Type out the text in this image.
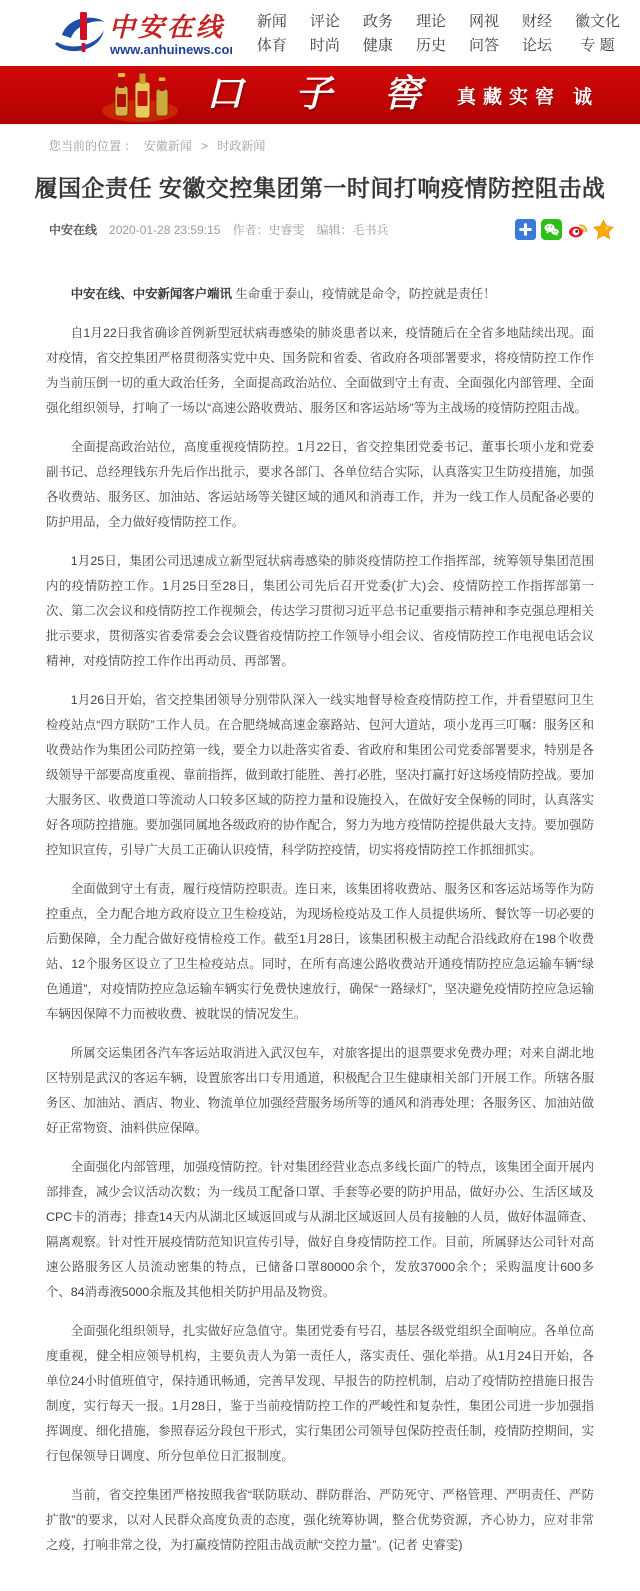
中安在线
www.anhuinews.com
新闻
体育
评论
时尚
政务
健康
理论
历史
网视
问答
财经
论坛
徽文化
专 题
口 子 窖 真藏实窖 诚
您当前的位置 ： 安徽新闻 > 时政新闻
履国企责任 安徽交控集团第一时间打响疫情防控阻击战
中安在线 2020-01-28 23:59:15 作者：史睿雯 编辑：毛书兵

中安在线、中安新闻客户端讯 生命重于泰山，疫情就是命令，防控就是责任！

自1月22日我省确诊首例新型冠状病毒感染的肺炎患者以来，疫情随后在全省多地陆续出现。面对疫情，省交控集团严格贯彻落实党中央、国务院和省委、省政府各项部署要求，将疫情防控工作作为当前压倒一切的重大政治任务，全面提高政治站位、全面做到守土有责、全面强化内部管理、全面强化组织领导，打响了一场以“高速公路收费站、服务区和客运站场”等为主战场的疫情防控阻击战。

全面提高政治站位，高度重视疫情防控。1月22日，省交控集团党委书记、董事长项小龙和党委副书记、总经理钱东升先后作出批示，要求各部门、各单位结合实际，认真落实卫生防疫措施，加强各收费站、服务区、加油站、客运站场等关键区域的通风和消毒工作，并为一线工作人员配备必要的防护用品，全力做好疫情防控工作。

1月25日，集团公司迅速成立新型冠状病毒感染的肺炎疫情防控工作指挥部，统筹领导集团范围内的疫情防控工作。1月25日至28日，集团公司先后召开党委(扩大)会、疫情防控工作指挥部第一次、第二次会议和疫情防控工作视频会，传达学习贯彻习近平总书记重要指示精神和李克强总理相关批示要求，贯彻落实省委常委会会议暨省疫情防控工作领导小组会议、省疫情防控工作电视电话会议精神，对疫情防控工作作出再动员、再部署。

1月26日开始，省交控集团领导分别带队深入一线实地督导检查疫情防控工作，并看望慰问卫生检疫站点“四方联防”工作人员。在合肥绕城高速金寨路站、包河大道站，项小龙再三叮嘱：服务区和收费站作为集团公司防控第一线，要全力以赴落实省委、省政府和集团公司党委部署要求，特别是各级领导干部要高度重视、靠前指挥，做到敢打能胜、善打必胜，坚决打赢打好这场疫情防控战。要加大服务区、收费道口等流动人口较多区域的防控力量和设施投入，在做好安全保畅的同时，认真落实好各项防控措施。要加强同属地各级政府的协作配合，努力为地方疫情防控提供最大支持。要加强防控知识宣传，引导广大员工正确认识疫情，科学防控疫情，切实将疫情防控工作抓细抓实。

全面做到守土有责，履行疫情防控职责。连日来，该集团将收费站、服务区和客运站场等作为防控重点，全力配合地方政府设立卫生检疫站，为现场检疫站及工作人员提供场所、餐饮等一切必要的后勤保障，全力配合做好疫情检疫工作。截至1月28日，该集团积极主动配合沿线政府在198个收费站、12个服务区设立了卫生检疫站点。同时，在所有高速公路收费站开通疫情防控应急运输车辆“绿色通道”，对疫情防控应急运输车辆实行免费快速放行，确保“一路绿灯”，坚决避免疫情防控应急运输车辆因保障不力而被收费、被耽误的情况发生。

所属交运集团各汽车客运站取消进入武汉包车，对旅客提出的退票要求免费办理；对来自湖北地区特别是武汉的客运车辆，设置旅客出口专用通道，积极配合卫生健康相关部门开展工作。所辖各服务区、加油站、酒店、物业、物流单位加强经营服务场所等的通风和消毒处理；各服务区、加油站做好正常物资、油料供应保障。

全面强化内部管理，加强疫情防控。针对集团经营业态点多线长面广的特点，该集团全面开展内部排查，减少会议活动次数；为一线员工配备口罩、手套等必要的防护用品，做好办公、生活区域及CPC卡的消毒；排查14天内从湖北区域返回或与从湖北区域返回人员有接触的人员，做好体温筛查、隔离观察。针对性开展疫情防范知识宣传引导，做好自身疫情防控工作。目前，所属驿达公司针对高速公路服务区人员流动密集的特点，已储备口罩80000余个，发放37000余个；采购温度计600多个、84消毒液5000余瓶及其他相关防护用品及物资。

全面强化组织领导，扎实做好应急值守。集团党委有号召，基层各级党组织全面响应。各单位高度重视，健全相应领导机构，主要负责人为第一责任人，落实责任、强化举措。从1月24日开始，各单位24小时值班值守，保持通讯畅通，完善早发现、早报告的防控机制，启动了疫情防控措施日报告制度，实行每天一报。1月28日，鉴于当前疫情防控工作的严峻性和复杂性，集团公司进一步加强指挥调度、细化措施，参照春运分段包干形式，实行集团公司领导包保防控责任制，疫情防控期间，实行包保领导日调度、所分包单位日汇报制度。

当前，省交控集团严格按照我省“联防联动、群防群治、严防死守、严格管理、严明责任、严防扩散”的要求，以对人民群众高度负责的态度，强化统筹协调，整合优势资源，齐心协力，应对非常之疫，打响非常之役，为打赢疫情防控阻击战贡献“交控力量”。(记者 史睿雯)
